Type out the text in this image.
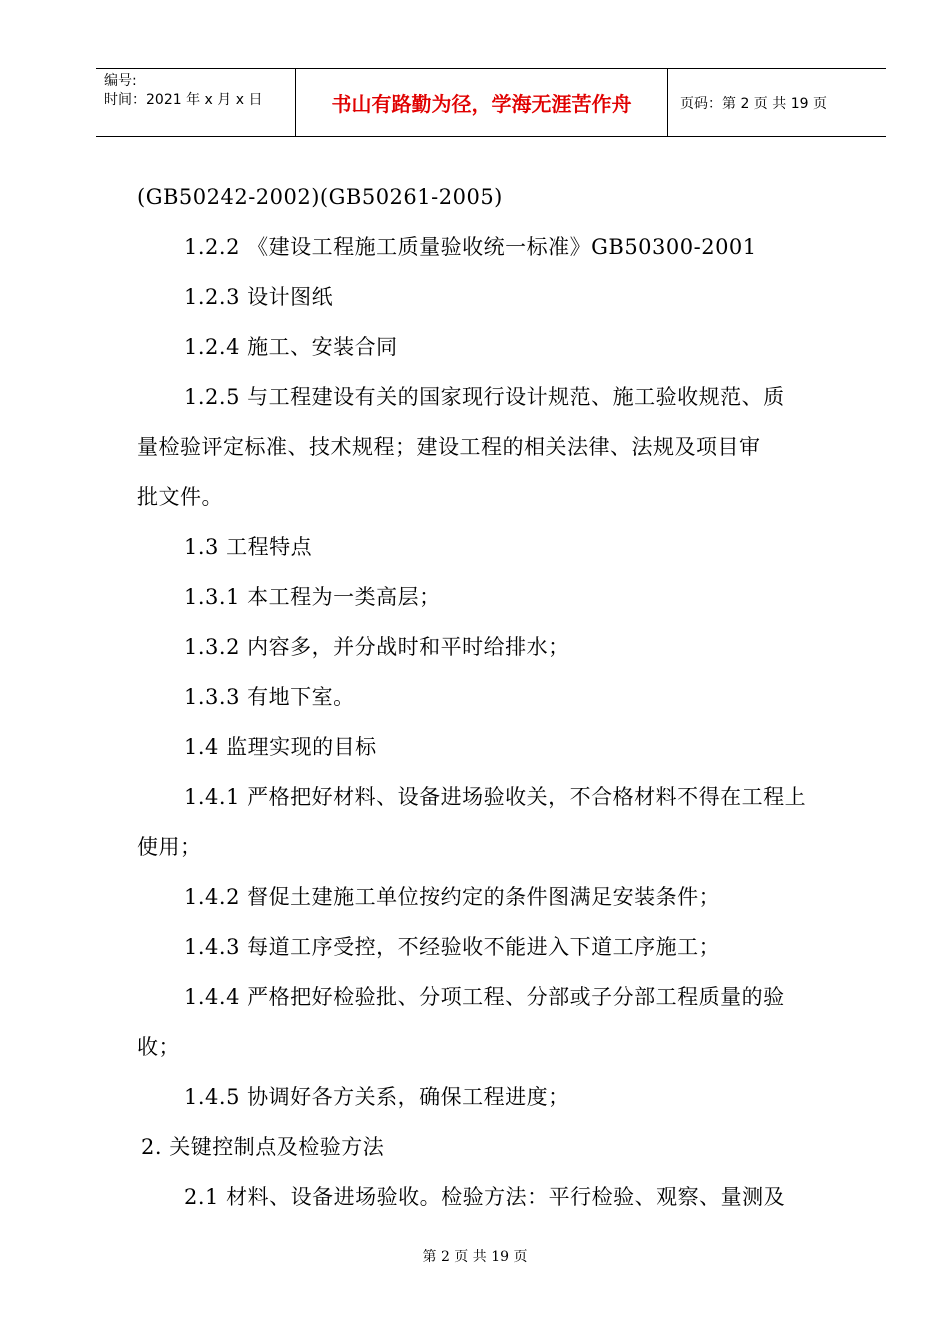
编号:
时间：2021 年 x 月 x 日	书山有路勤为径，学海无涯苦作舟	页码：第 2 页 共 19 页
(GB50242-2002)(GB50261-2005)
1.2.2 《建设工程施工质量验收统一标准》GB50300-2001
1.2.3 设计图纸
1.2.4 施工、安装合同
1.2.5 与工程建设有关的国家现行设计规范、施工验收规范、质
量检验评定标准、技术规程；建设工程的相关法律、法规及项目审
批文件。
1.3 工程特点
1.3.1 本工程为一类高层；
1.3.2 内容多，并分战时和平时给排水；
1.3.3 有地下室。
1.4 监理实现的目标
1.4.1 严格把好材料、设备进场验收关，不合格材料不得在工程上
使用；
1.4.2 督促土建施工单位按约定的条件图满足安装条件；
1.4.3 每道工序受控，不经验收不能进入下道工序施工；
1.4.4 严格把好检验批、分项工程、分部或子分部工程质量的验
收；
1.4.5 协调好各方关系，确保工程进度；
2. 关键控制点及检验方法
2.1 材料、设备进场验收。检验方法：平行检验、观察、量测及
第 2 页 共 19 页
